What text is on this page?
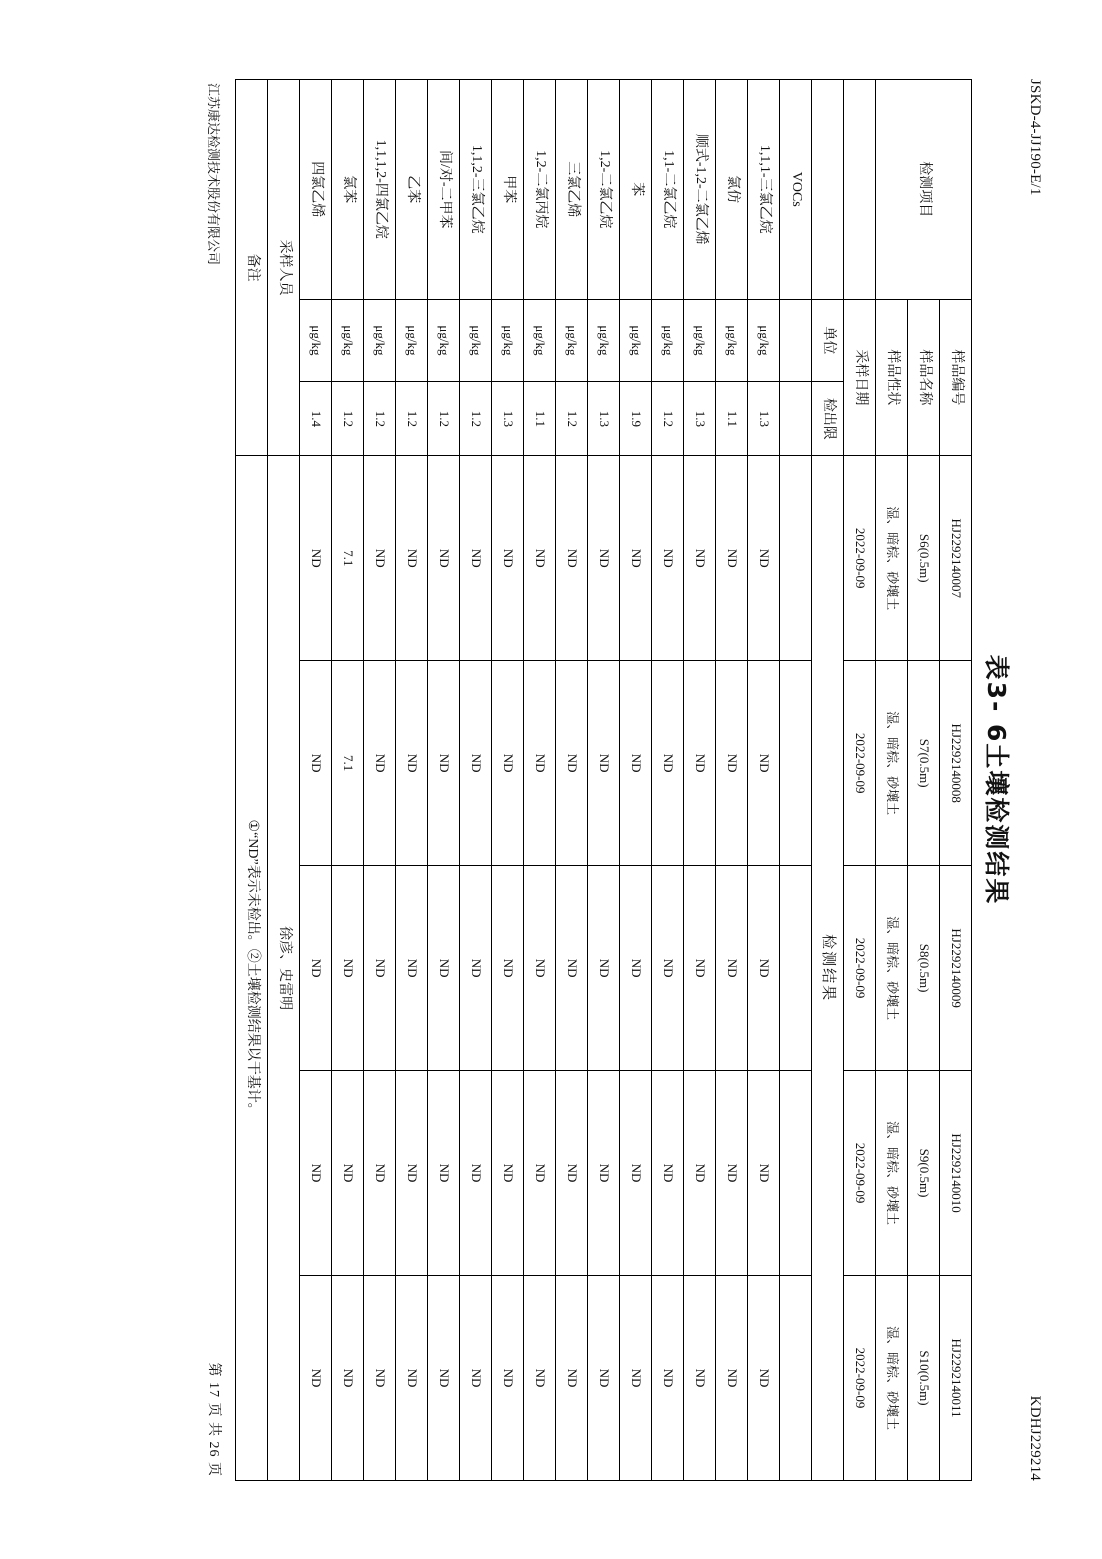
JSKD-4-JJ190-E/1
KDHJ229214
表3- 6土壤检测结果
检测项目	样品编号		HJ2292140007	HJ2292140008	HJ2292140009	HJ2292140010	HJ2292140011
	样品名称		S6(0.5m)	S7(0.5m)	S8(0.5m)	S9(0.5m)	S10(0.5m)
	样品性状		湿、暗棕、砂壤土	湿、暗棕、砂壤土	湿、暗棕、砂壤土	湿、暗棕、砂壤土	湿、暗棕、砂壤土
	采样日期		2022-09-09	2022-09-09	2022-09-09	2022-09-09	2022-09-09
	单位	检出限	检测结果				
VOCs							
1,1,1-三氯乙烷	μg/kg	1.3	ND	ND	ND	ND	ND
氯仿	μg/kg	1.1	ND	ND	ND	ND	ND
顺式-1,2-二氯乙烯	μg/kg	1.3	ND	ND	ND	ND	ND
1,1-二氯乙烷	μg/kg	1.2	ND	ND	ND	ND	ND
苯	μg/kg	1.9	ND	ND	ND	ND	ND
1,2-二氯乙烷	μg/kg	1.3	ND	ND	ND	ND	ND
三氯乙烯	μg/kg	1.2	ND	ND	ND	ND	ND
1,2-二氯丙烷	μg/kg	1.1	ND	ND	ND	ND	ND
甲苯	μg/kg	1.3	ND	ND	ND	ND	ND
1,1,2-三氯乙烷	μg/kg	1.2	ND	ND	ND	ND	ND
间/对-二甲苯	μg/kg	1.2	ND	ND	ND	ND	ND
乙苯	μg/kg	1.2	ND	ND	ND	ND	ND
1,1,1,2-四氯乙烷	μg/kg	1.2	ND	ND	ND	ND	ND
氯苯	μg/kg	1.2	7.1	7.1	ND	ND	ND
四氯乙烯	μg/kg	1.4	ND	ND	ND	ND	ND
采样人员			徐彦、史雷明				
备注			①“ND”表示未检出。②土壤检测结果以干基计。				
江苏康达检测技术股份有限公司
第 17 页 共 26 页
